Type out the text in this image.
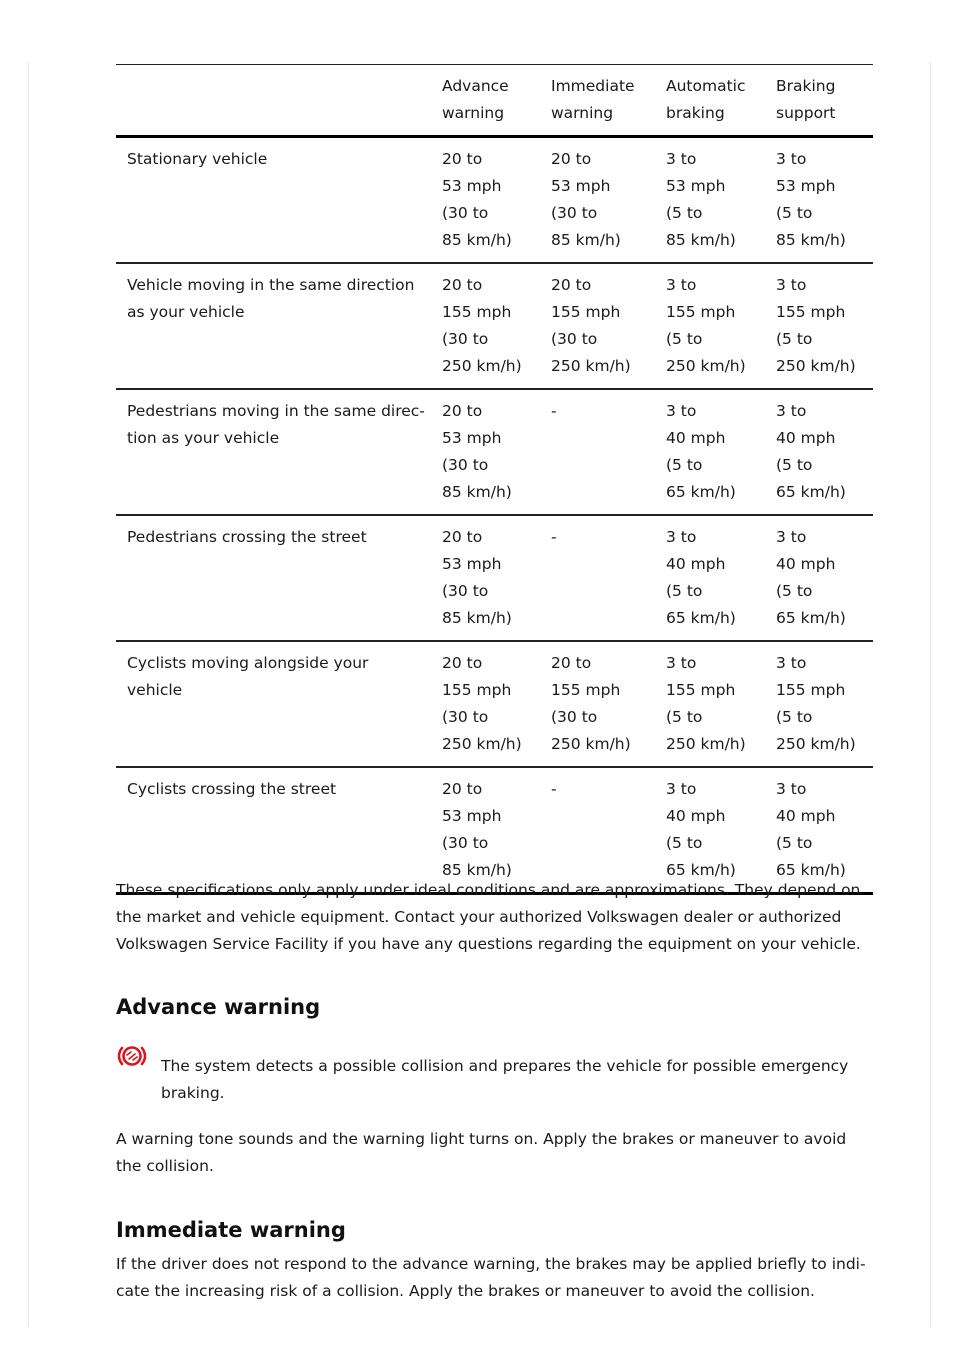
	Advance
warning	Immediate
warning	Automatic
braking	Braking
support
Stationary vehicle	20 to
53 mph
(30 to
85 km/h)	20 to
53 mph
(30 to
85 km/h)	3 to
53 mph
(5 to
85 km/h)	3 to
53 mph
(5 to
85 km/h)
Vehicle moving in the same direction as your vehicle	20 to
155 mph
(30 to
250 km/h)	20 to
155 mph
(30 to
250 km/h)	3 to
155 mph
(5 to
250 km/h)	3 to
155 mph
(5 to
250 km/h)
Pedestrians moving in the same direc-
tion as your vehicle	20 to
53 mph
(30 to
85 km/h)	-	3 to
40 mph
(5 to
65 km/h)	3 to
40 mph
(5 to
65 km/h)
Pedestrians crossing the street	20 to
53 mph
(30 to
85 km/h)	-	3 to
40 mph
(5 to
65 km/h)	3 to
40 mph
(5 to
65 km/h)
Cyclists moving alongside your vehicle	20 to
155 mph
(30 to
250 km/h)	20 to
155 mph
(30 to
250 km/h)	3 to
155 mph
(5 to
250 km/h)	3 to
155 mph
(5 to
250 km/h)
Cyclists crossing the street	20 to
53 mph
(30 to
85 km/h)	-	3 to
40 mph
(5 to
65 km/h)	3 to
40 mph
(5 to
65 km/h)

These specifications only apply under ideal conditions and are approximations. They depend on the market and vehicle equipment. Contact your authorized Volkswagen dealer or authorized Volkswagen Service Facility if you have any questions regarding the equipment on your vehicle.

Advance warning

The system detects a possible collision and prepares the vehicle for possible emergency braking.

A warning tone sounds and the warning light turns on. Apply the brakes or maneuver to avoid the collision.

Immediate warning

If the driver does not respond to the advance warning, the brakes may be applied briefly to indi-
cate the increasing risk of a collision. Apply the brakes or maneuver to avoid the collision.
